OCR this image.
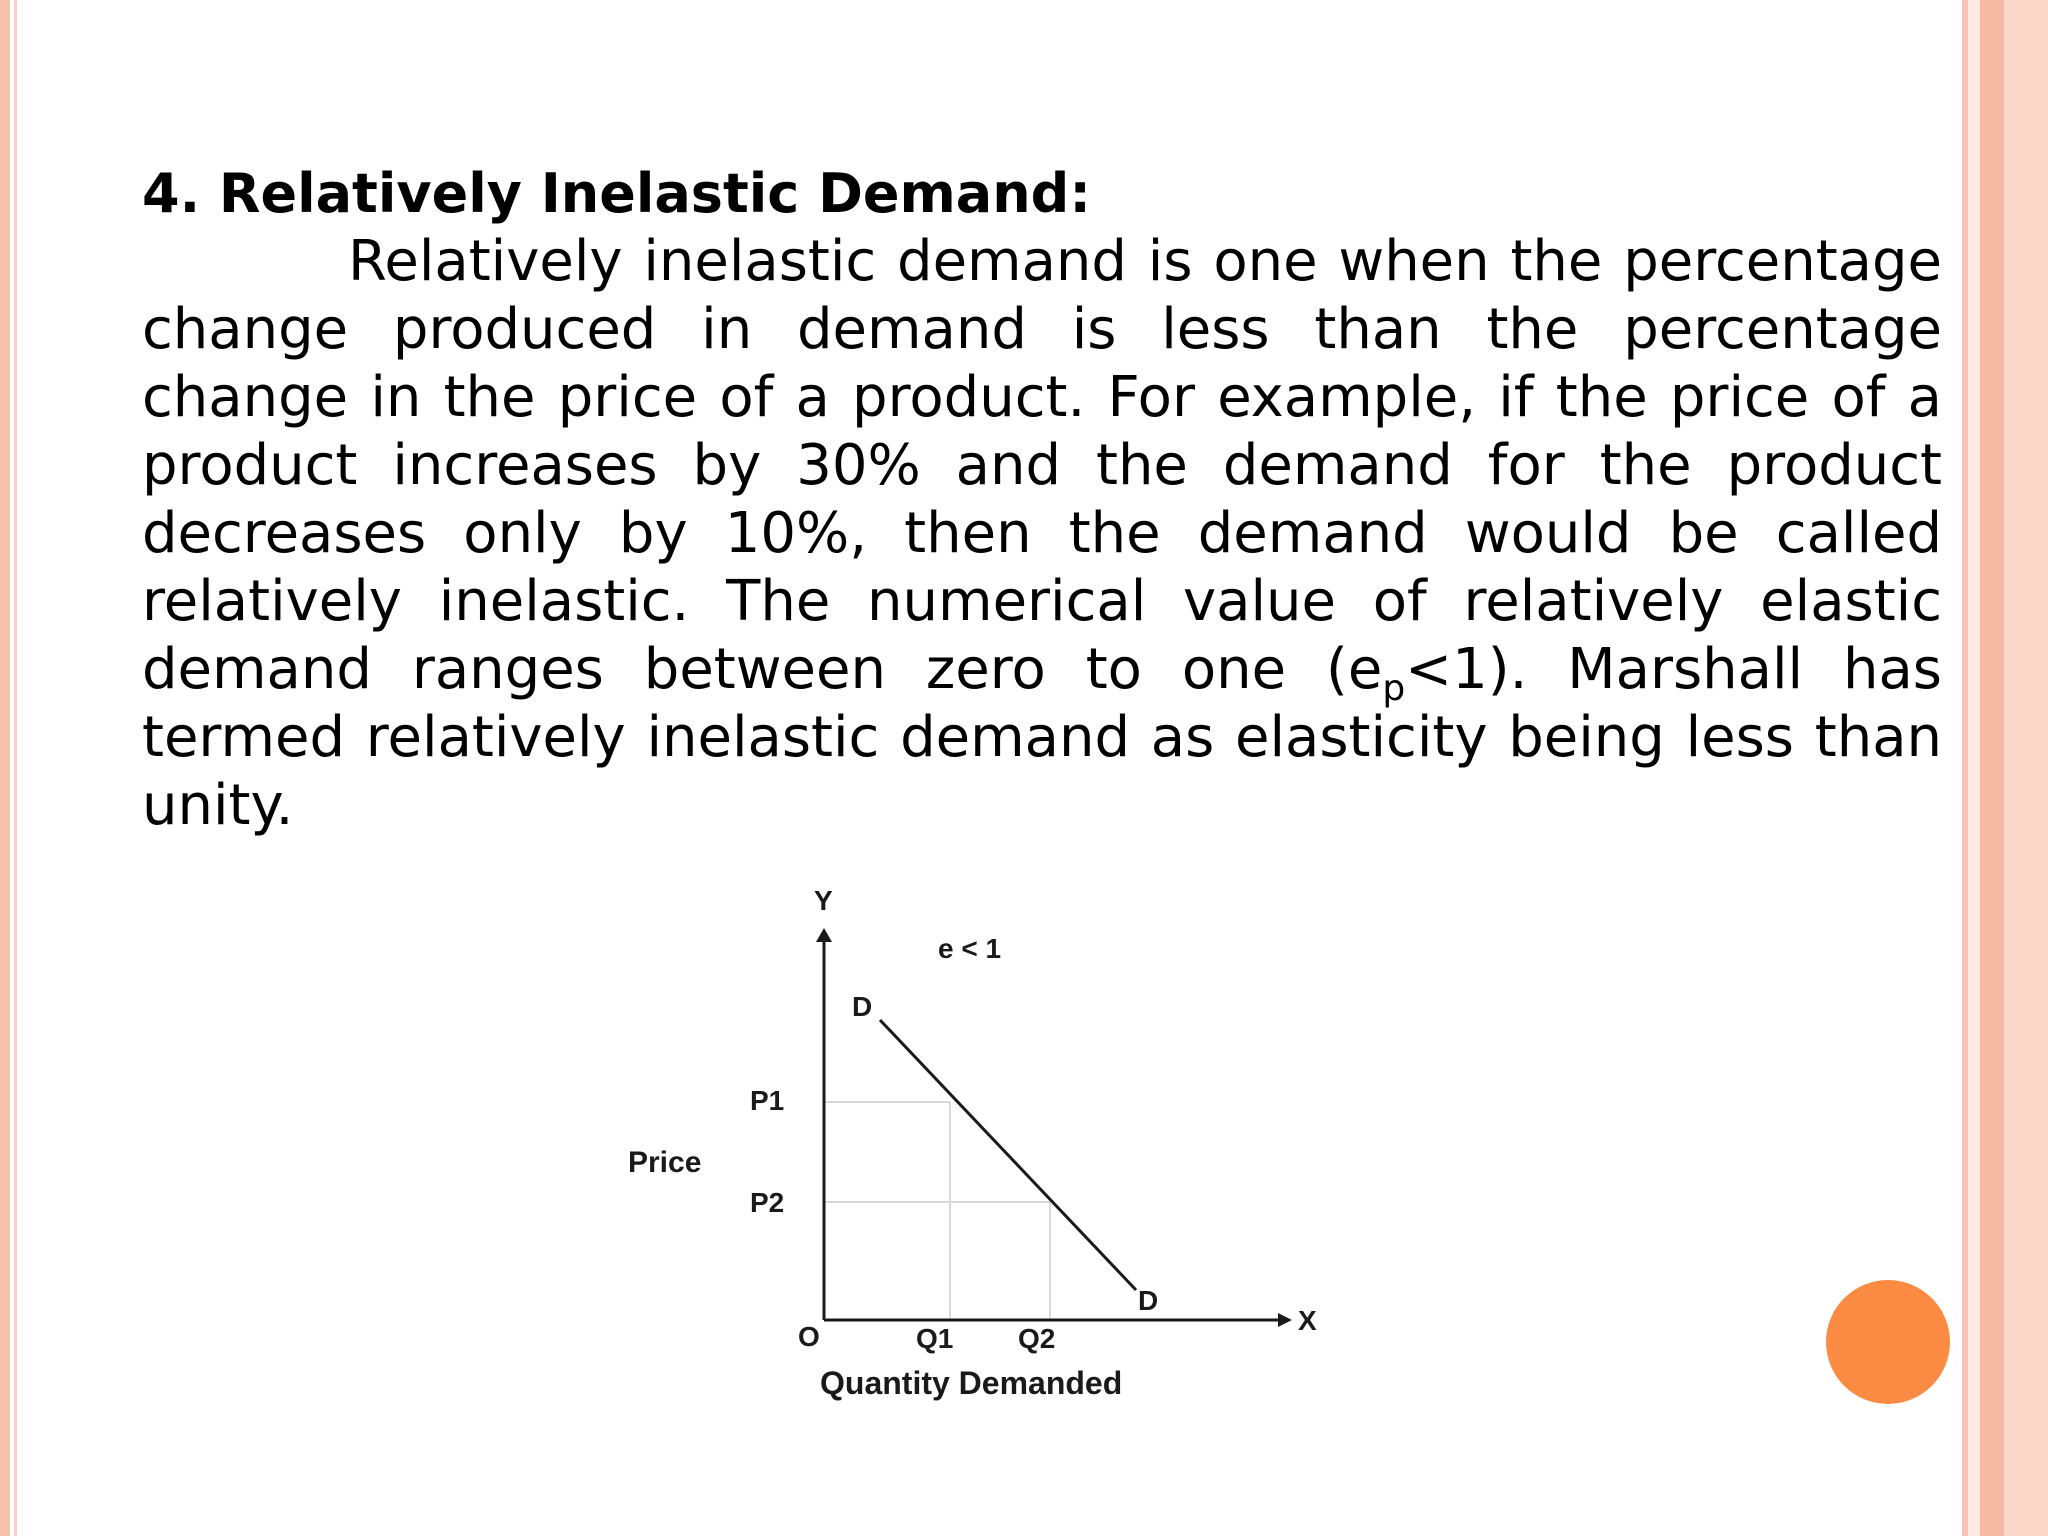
4. Relatively Inelastic Demand:
Relatively inelastic demand is one when the percentage change produced in demand is less than the percentage change in the price of a product. For example, if the price of a product increases by 30% and the demand for the product decreases only by 10%, then the demand would be called relatively inelastic. The numerical value of relatively elastic demand ranges between zero to one $(e_p<1)$. Marshall has termed relatively inelastic demand as elasticity being less than unity.
Y
X
O
e < 1
D
D
Price
Quantity Demanded
P1
P2
Q1 Q2
